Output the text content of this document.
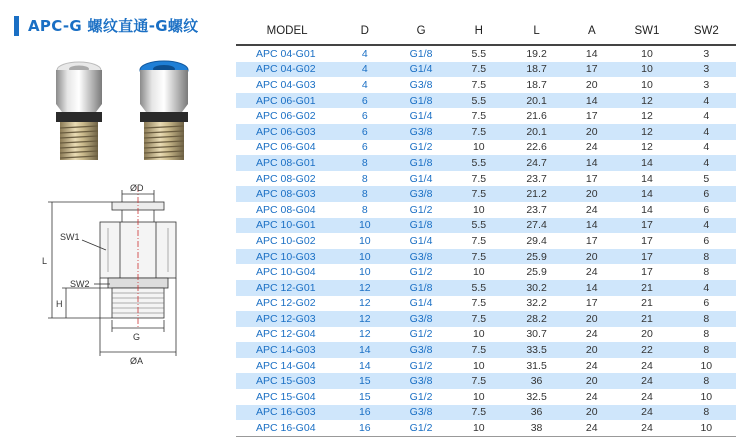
APC-G 螺纹直通-G螺纹
ØD
L
H
SW1
SW2
G
ØA
MODEL	D	G	H	L	A	SW1	SW2
APC 04-G01	4	G1/8	5.5	19.2	14	10	3
APC 04-G02	4	G1/4	7.5	18.7	17	10	3
APC 04-G03	4	G3/8	7.5	18.7	20	10	3
APC 06-G01	6	G1/8	5.5	20.1	14	12	4
APC 06-G02	6	G1/4	7.5	21.6	17	12	4
APC 06-G03	6	G3/8	7.5	20.1	20	12	4
APC 06-G04	6	G1/2	10	22.6	24	12	4
APC 08-G01	8	G1/8	5.5	24.7	14	14	4
APC 08-G02	8	G1/4	7.5	23.7	17	14	5
APC 08-G03	8	G3/8	7.5	21.2	20	14	6
APC 08-G04	8	G1/2	10	23.7	24	14	6
APC 10-G01	10	G1/8	5.5	27.4	14	17	4
APC 10-G02	10	G1/4	7.5	29.4	17	17	6
APC 10-G03	10	G3/8	7.5	25.9	20	17	8
APC 10-G04	10	G1/2	10	25.9	24	17	8
APC 12-G01	12	G1/8	5.5	30.2	14	21	4
APC 12-G02	12	G1/4	7.5	32.2	17	21	6
APC 12-G03	12	G3/8	7.5	28.2	20	21	8
APC 12-G04	12	G1/2	10	30.7	24	20	8
APC 14-G03	14	G3/8	7.5	33.5	20	22	8
APC 14-G04	14	G1/2	10	31.5	24	24	10
APC 15-G03	15	G3/8	7.5	36	20	24	8
APC 15-G04	15	G1/2	10	32.5	24	24	10
APC 16-G03	16	G3/8	7.5	36	20	24	8
APC 16-G04	16	G1/2	10	38	24	24	10
